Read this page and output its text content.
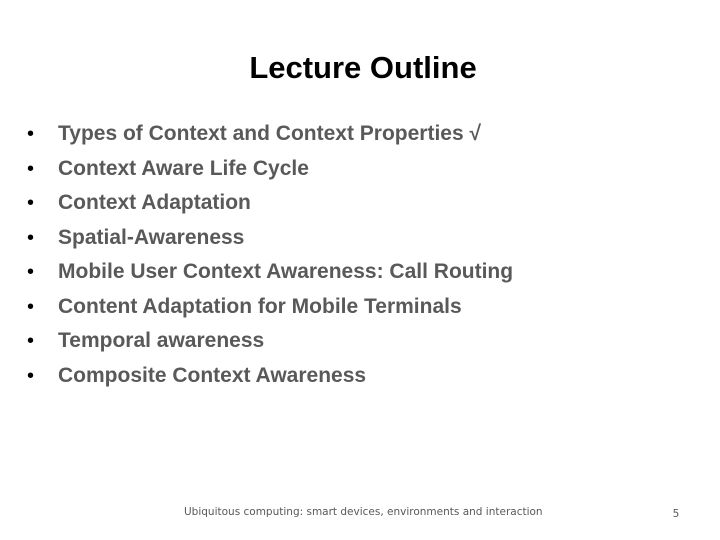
Lecture Outline
•	Types of Context and Context Properties √
•	Context Aware Life Cycle
•	Context Adaptation
•	Spatial-Awareness
•	Mobile User Context Awareness: Call Routing
•	Content Adaptation for Mobile Terminals
•	Temporal awareness
•	Composite Context Awareness
Ubiquitous computing: smart devices, environments and interaction	5
